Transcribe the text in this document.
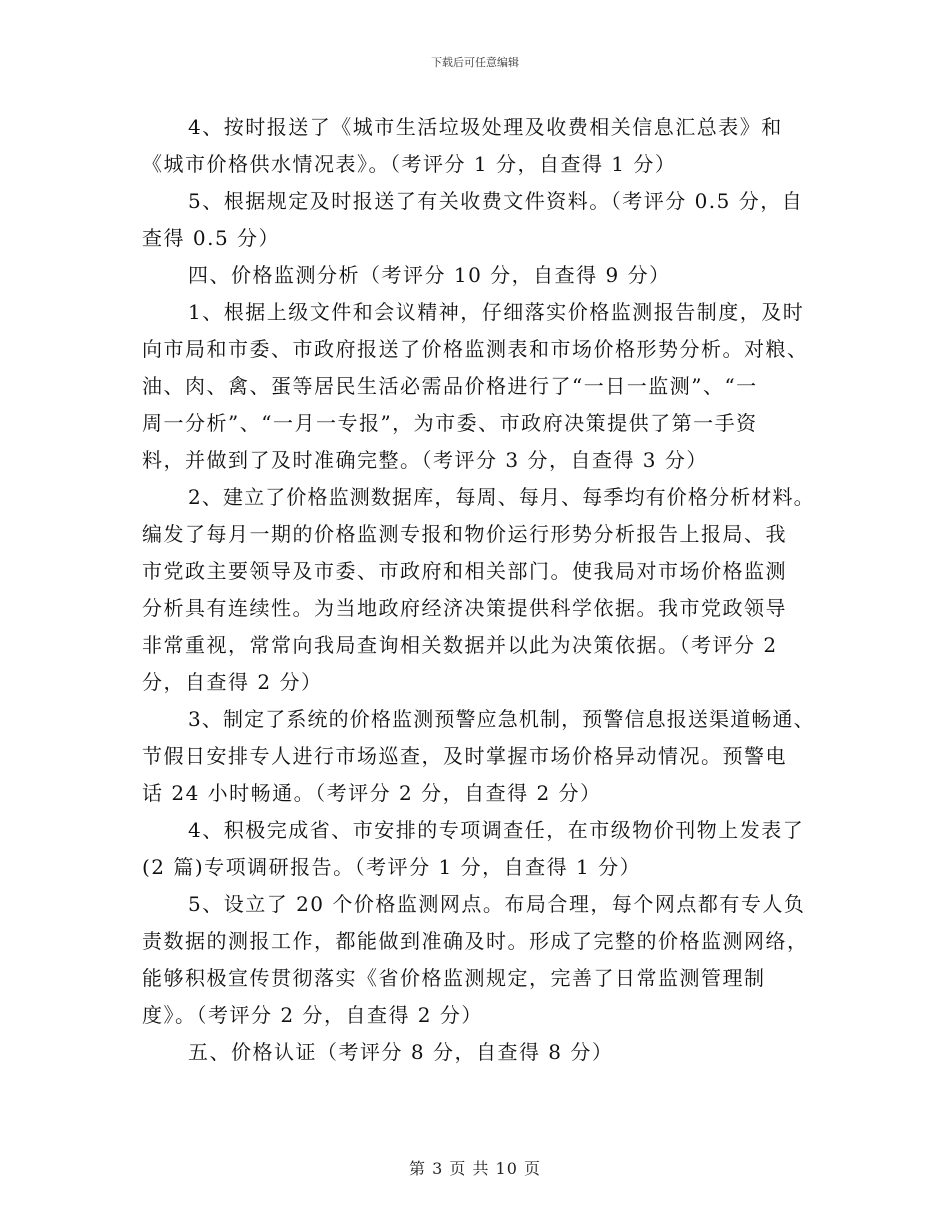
下载后可任意编辑
4、按时报送了《城市生活垃圾处理及收费相关信息汇总表》和
《城市价格供水情况表》。（考评分 1 分，自查得 1 分）
5、根据规定及时报送了有关收费文件资料。（考评分 0.5 分，自
查得 0.5 分）
四、价格监测分析（考评分 10 分，自查得 9 分）
1、根据上级文件和会议精神，仔细落实价格监测报告制度，及时
向市局和市委、市政府报送了价格监测表和市场价格形势分析。对粮、
油、肉、禽、蛋等居民生活必需品价格进行了“一日一监测”、“一
周一分析”、“一月一专报”，为市委、市政府决策提供了第一手资
料，并做到了及时准确完整。（考评分 3 分，自查得 3 分）
2、建立了价格监测数据库，每周、每月、每季均有价格分析材料。
编发了每月一期的价格监测专报和物价运行形势分析报告上报局、我
市党政主要领导及市委、市政府和相关部门。使我局对市场价格监测
分析具有连续性。为当地政府经济决策提供科学依据。我市党政领导
非常重视，常常向我局查询相关数据并以此为决策依据。（考评分 2
分，自查得 2 分）
3、制定了系统的价格监测预警应急机制，预警信息报送渠道畅通、
节假日安排专人进行市场巡查，及时掌握市场价格异动情况。预警电
话 24 小时畅通。（考评分 2 分，自查得 2 分）
4、积极完成省、市安排的专项调查任，在市级物价刊物上发表了
(2 篇)专项调研报告。（考评分 1 分，自查得 1 分）
5、设立了 20 个价格监测网点。布局合理，每个网点都有专人负
责数据的测报工作，都能做到准确及时。形成了完整的价格监测网络，
能够积极宣传贯彻落实《省价格监测规定，完善了日常监测管理制
度》。（考评分 2 分，自查得 2 分）
五、价格认证（考评分 8 分，自查得 8 分）
第 3 页 共 10 页
